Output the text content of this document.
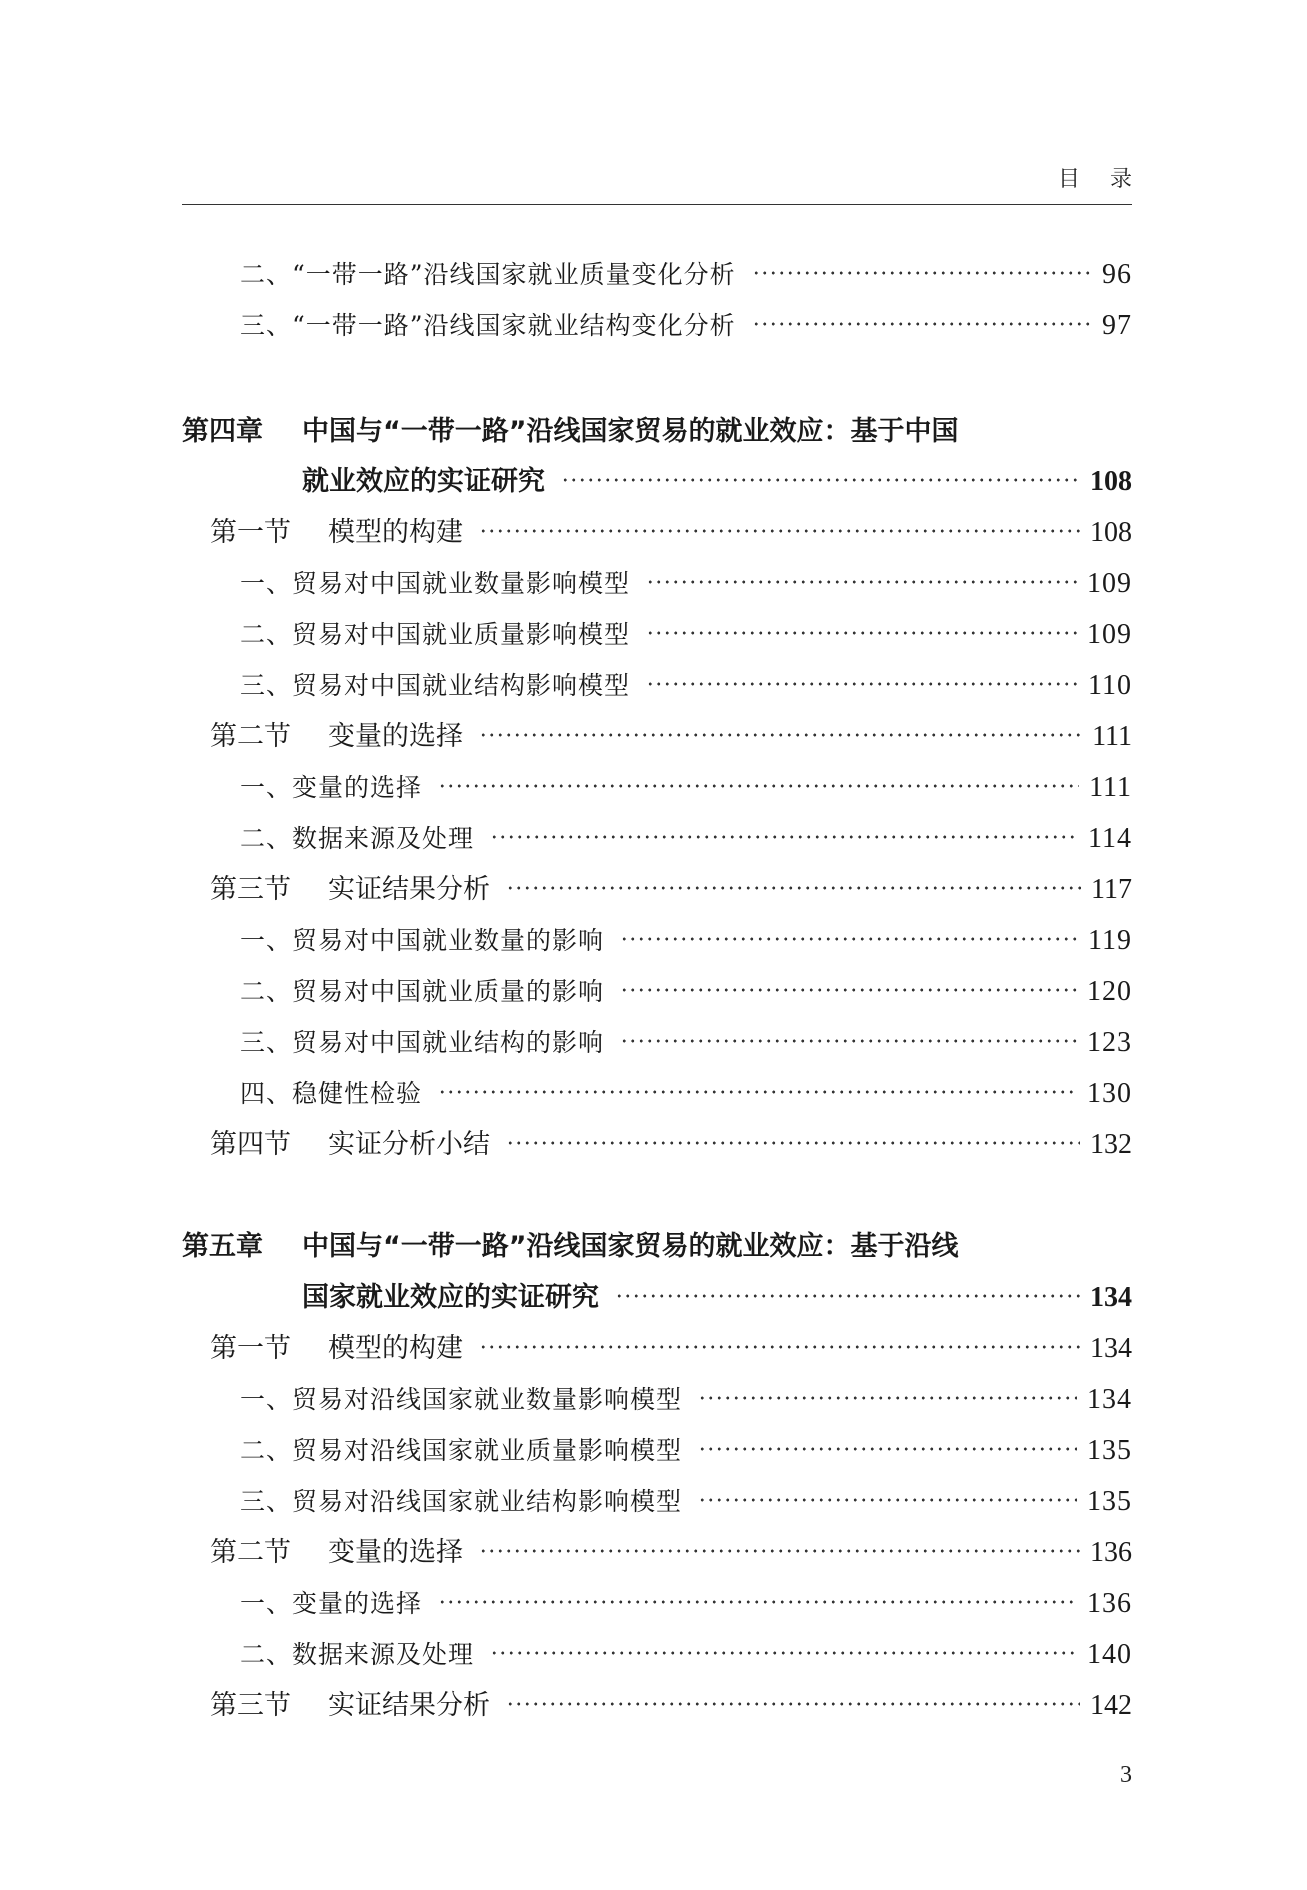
目录
二、“一带一路”沿线国家就业质量变化分析	96
三、“一带一路”沿线国家就业结构变化分析	97
第四章 中国与“一带一路”沿线国家贸易的就业效应：基于中国
就业效应的实证研究	108
第一节 模型的构建	108
一、贸易对中国就业数量影响模型	109
二、贸易对中国就业质量影响模型	109
三、贸易对中国就业结构影响模型	110
第二节 变量的选择	111
一、变量的选择	111
二、数据来源及处理	114
第三节 实证结果分析	117
一、贸易对中国就业数量的影响	119
二、贸易对中国就业质量的影响	120
三、贸易对中国就业结构的影响	123
四、稳健性检验	130
第四节 实证分析小结	132
第五章 中国与“一带一路”沿线国家贸易的就业效应：基于沿线
国家就业效应的实证研究	134
第一节 模型的构建	134
一、贸易对沿线国家就业数量影响模型	134
二、贸易对沿线国家就业质量影响模型	135
三、贸易对沿线国家就业结构影响模型	135
第二节 变量的选择	136
一、变量的选择	136
二、数据来源及处理	140
第三节 实证结果分析	142
3
